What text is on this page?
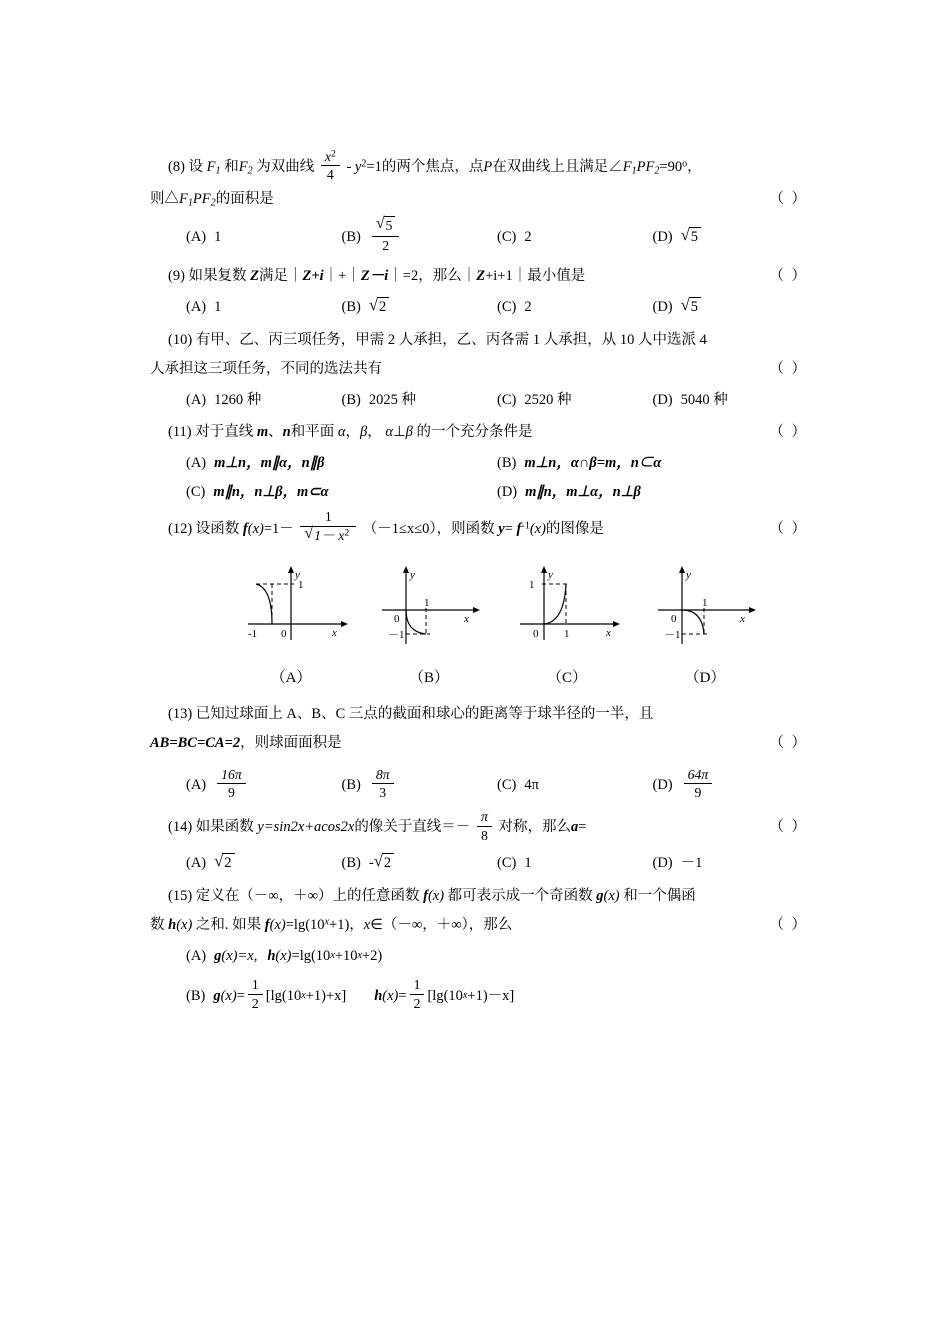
(8) 设 $F_1$ 和$F_2$ 为双曲线 $\frac{x^2}{4} - y^2=1$的两个焦点，点P在双曲线上且满足$\angle F_1PF_2=90^o$，
（ ）
则$\triangle F_1PF_2$的面积是
(A) 1	$(B) \frac{√ 5}{2}$	(C) 2	(D) √ 5
（ ）
(9) 如果复数 Z满足｜Z+i｜+｜Z－i｜=2，那么｜Z+i+1｜最小值是
(A) 1	(B) √ 2	(C) 2	(D) √ 5
(10) 有甲、乙、丙三项任务，甲需 2 人承担，乙、丙各需 1 人承担，从 10 人中选派 4
（ ）
人承担这三项任务，不同的选法共有
(A) 1260 种	(B) 2025 种	(C) 2520 种	(D) 5040 种
（ ）
(11) 对于直线 m、n和平面 α，β， α⊥β 的一个充分条件是
(A) m⊥n，m∥α，n∥β	(B) m⊥n，α∩β=m，n⊂α
(C) m∥n，n⊥β，m⊂α	(D) m∥n，m⊥α，n⊥β
（ ）
(12) 设函数 $f(x)=1- \frac{1}{√ 1- x^2} (-1\le x\le 0)$，则函数 $y= f^{-1}(x)$的图像是
y
1
x
-1 0
（A）
y
1
x
0
－1
（B）
y
1
x
0 1
（C）
y
1
x
0
－1
（D）
(13) 已知过球面上 A、B、C 三点的截面和球心的距离等于球半径的一半，且
（ ）
AB=BC=CA=2，则球面面积是
$(A) \frac{16\pi}{9}$	$(B) \frac{8\pi}{3}$	(C) 4π	$(D) \frac{64\pi}{9}$
（ ）
(14) 如果函数 y=sin2x+acos2x的像关于直线＝－ $\frac{\pi}{8}$ 对称，那么a=
(A) √ 2	(B) - √ 2	(C) 1	(D) －1
(15) 定义在（－∞，＋∞）上的任意函数 f(x) 都可表示成一个奇函数 g(x) 和一个偶函
（ ）
数 h(x) 之和. 如果 $f(x)=\lg(10^x+1)$，x∈（－∞，＋∞），那么
(A) g (x) =x, h (x) =lg(10 x +10 x +2)
(B) g $(x) = \frac{1}{2} [\lg(10$ x +1)+x] h $(x) = \frac{1}{2} [\lg(10$ x +1)－x]
